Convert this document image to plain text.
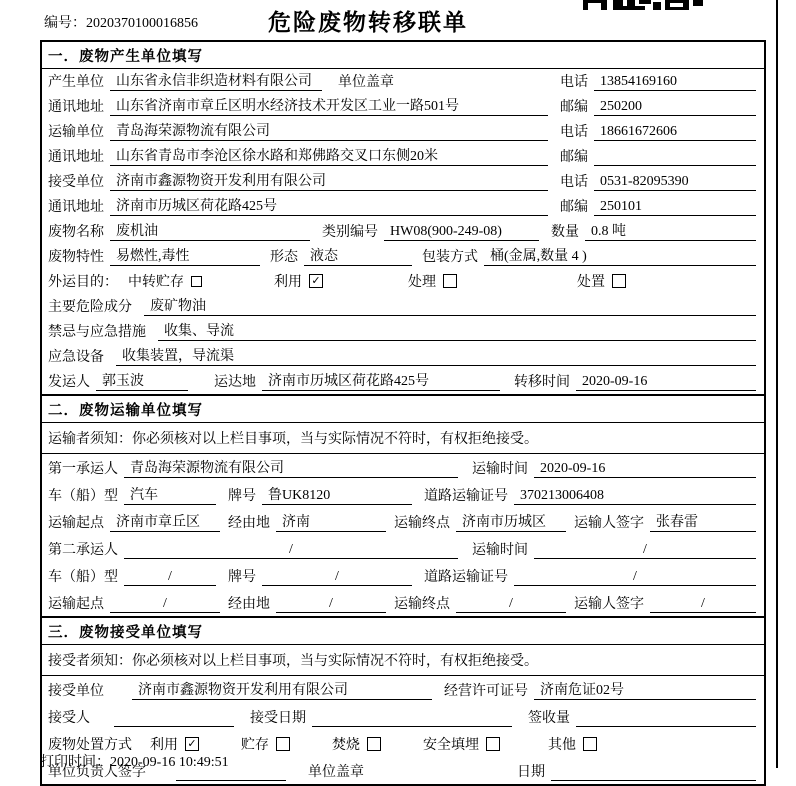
编号：2020370100016856	危险废物转移联单
一．废物产生单位填写
产生单位 山东省永信非织造材料有限公司	单位盖章	电话 13854169160
通讯地址 山东省济南市章丘区明水经济技术开发区工业一路501号	邮编 250200
运输单位 青岛海荣源物流有限公司	电话 18661672606
通讯地址 山东省青岛市李沧区徐水路和郑佛路交叉口东侧20米	邮编
接受单位 济南市鑫源物资开发利用有限公司	电话 0531-82095390
通讯地址 济南市历城区荷花路425号	邮编 250101
废物名称 废机油	类别编号 HW08(900-249-08)	数量 0.8 吨
废物特性 易燃性,毒性	形态 液态	包装方式 桶(金属,数量 4 )
外运目的： 中转贮存	利用 ✓	处理	处置
主要危险成分	废矿物油
禁忌与应急措施	收集、导流
应急设备	收集装置，导流渠
发运人 郭玉波	运达地 济南市历城区荷花路425号	转移时间 2020-09-16
二．废物运输单位填写
运输者须知：你必须核对以上栏目事项，当与实际情况不符时，有权拒绝接受。
第一承运人 青岛海荣源物流有限公司	运输时间 2020-09-16
车（船）型 汽车	牌号 鲁UK8120	道路运输证号 370213006408
运输起点 济南市章丘区	经由地 济南	运输终点 济南市历城区	运输人签字 张春雷
第二承运人	/	运输时间	/
车（船）型	/	牌号	/	道路运输证号	/
运输起点	/	经由地	/	运输终点	/	运输人签字	/
三．废物接受单位填写
接受者须知：你必须核对以上栏目事项，当与实际情况不符时，有权拒绝接受。
接受单位	济南市鑫源物资开发利用有限公司	经营许可证号 济南危证02号
接受人	接受日期	签收量
废物处置方式 利用 ✓	贮存	焚烧	安全填埋	其他
单位负责人签字	单位盖章	日期
打印时间：2020-09-16 10:49:51
